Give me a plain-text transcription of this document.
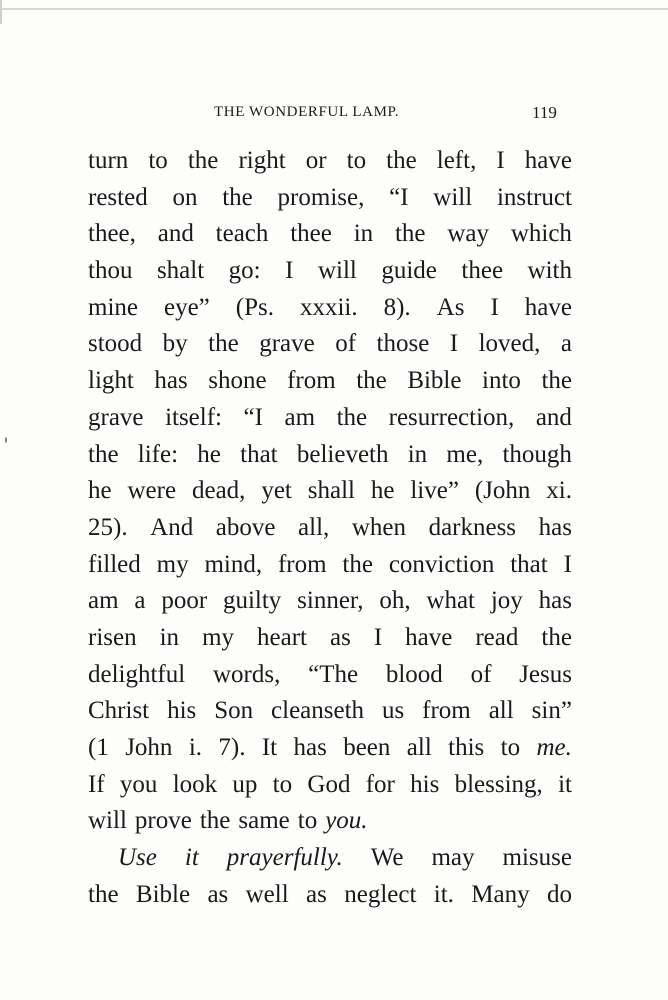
THE WONDERFUL LAMP.	119
turn to the right or to the left, I have
rested on the promise, “I will instruct
thee, and teach thee in the way which
thou shalt go: I will guide thee with
mine eye” (Ps. xxxii. 8). As I have
stood by the grave of those I loved, a
light has shone from the Bible into the
grave itself: “I am the resurrection, and
the life: he that believeth in me, though
he were dead, yet shall he live” (John xi.
25). And above all, when darkness has
filled my mind, from the conviction that I
am a poor guilty sinner, oh, what joy has
risen in my heart as I have read the
delightful words, “The blood of Jesus
Christ his Son cleanseth us from all sin”
(1 John i. 7). It has been all this to me.
If you look up to God for his blessing, it
will prove the same to you.
Use it prayerfully. We may misuse
the Bible as well as neglect it. Many do
